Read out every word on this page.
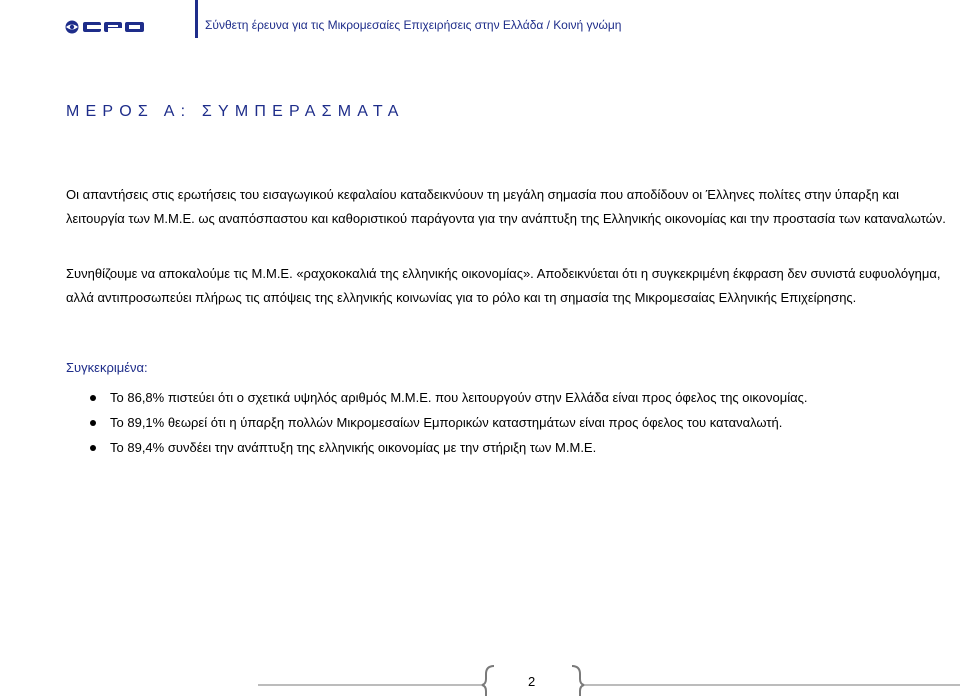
Σύνθετη έρευνα για τις Μικρομεσαίες Επιχειρήσεις στην Ελλάδα / Κοινή γνώμη
ΜΕΡΟΣ Α: ΣΥΜΠΕΡΑΣΜΑΤΑ
Οι απαντήσεις στις ερωτήσεις του εισαγωγικού κεφαλαίου καταδεικνύουν τη μεγάλη σημασία που αποδίδουν οι Έλληνες πολίτες στην ύπαρξη και λειτουργία των Μ.Μ.Ε. ως αναπόσπαστου και καθοριστικού παράγοντα για την ανάπτυξη της Ελληνικής οικονομίας και την προστασία των καταναλωτών.
Συνηθίζουμε να αποκαλούμε τις Μ.Μ.Ε. «ραχοκοκαλιά της ελληνικής οικονομίας». Αποδεικνύεται ότι η συγκεκριμένη έκφραση δεν συνιστά ευφυολόγημα, αλλά αντιπροσωπεύει πλήρως τις απόψεις της ελληνικής κοινωνίας για το ρόλο και τη σημασία της Μικρομεσαίας Ελληνικής Επιχείρησης.
Συγκεκριμένα:
Το 86,8% πιστεύει ότι ο σχετικά υψηλός αριθμός Μ.Μ.Ε. που λειτουργούν στην Ελλάδα είναι προς όφελος της οικονομίας.
Το 89,1% θεωρεί ότι η ύπαρξη πολλών Μικρομεσαίων Εμπορικών καταστημάτων είναι προς όφελος του καταναλωτή.
Το 89,4% συνδέει την ανάπτυξη της ελληνικής οικονομίας με την στήριξη των Μ.Μ.Ε.
2
